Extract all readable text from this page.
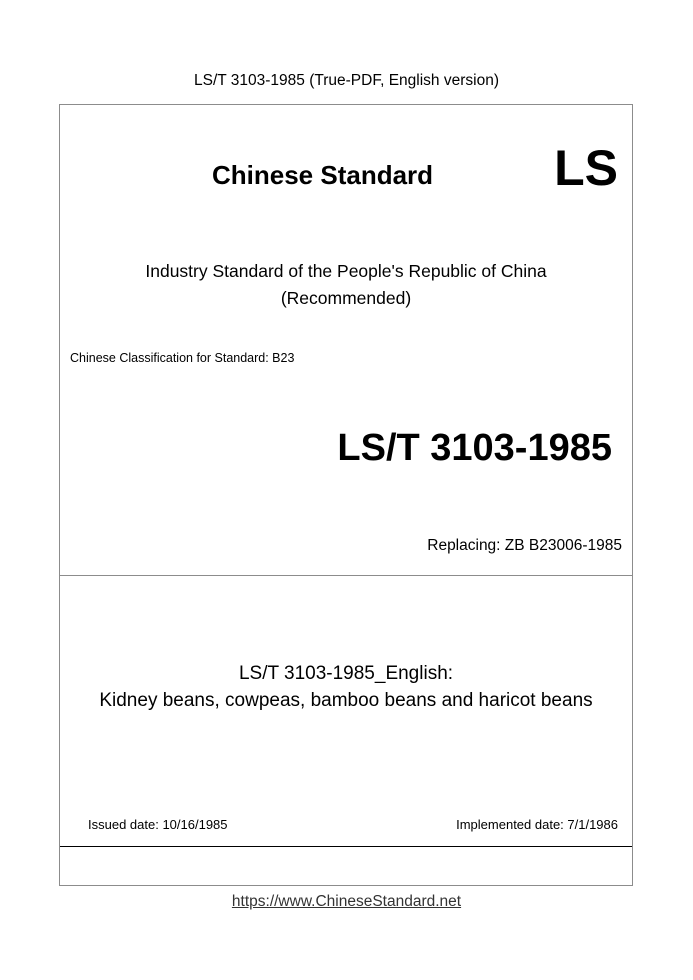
LS/T 3103-1985 (True-PDF, English version)
Chinese Standard	LS
Industry Standard of the People's Republic of China
(Recommended)
Chinese Classification for Standard: B23
LS/T 3103-1985
Replacing: ZB B23006-1985
LS/T 3103-1985_English:
Kidney beans, cowpeas, bamboo beans and haricot beans
Issued date: 10/16/1985	Implemented date: 7/1/1986
https://www.ChineseStandard.net
